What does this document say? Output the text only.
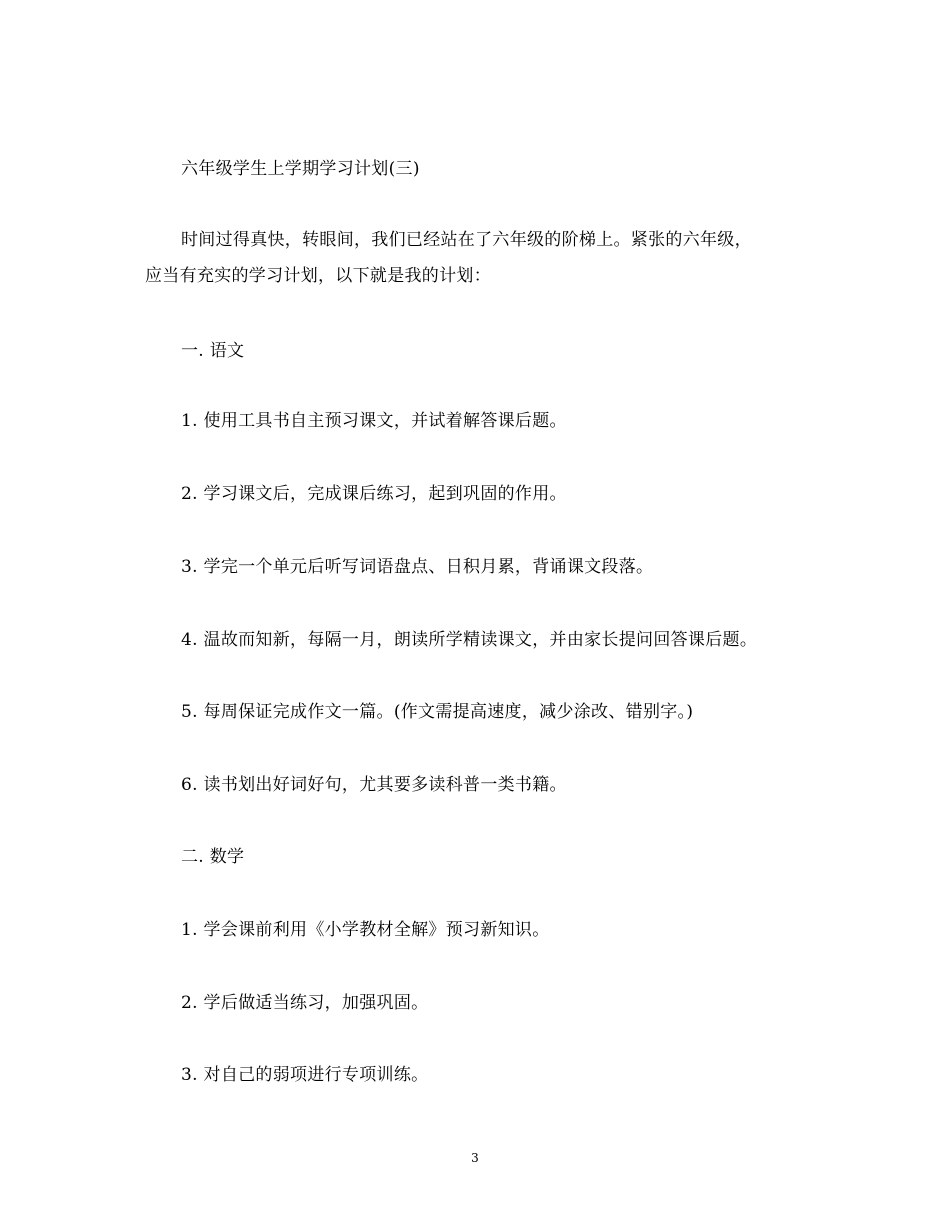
六年级学生上学期学习计划(三)
时间过得真快，转眼间，我们已经站在了六年级的阶梯上。紧张的六年级，
应当有充实的学习计划，以下就是我的计划：
一. 语文
1. 使用工具书自主预习课文，并试着解答课后题。
2. 学习课文后，完成课后练习，起到巩固的作用。
3. 学完一个单元后听写词语盘点、日积月累，背诵课文段落。
4. 温故而知新，每隔一月，朗读所学精读课文，并由家长提问回答课后题。
5. 每周保证完成作文一篇。(作文需提高速度，减少涂改、错别字。)
6. 读书划出好词好句，尤其要多读科普一类书籍。
二. 数学
1. 学会课前利用《小学教材全解》预习新知识。
2. 学后做适当练习，加强巩固。
3. 对自己的弱项进行专项训练。
3
